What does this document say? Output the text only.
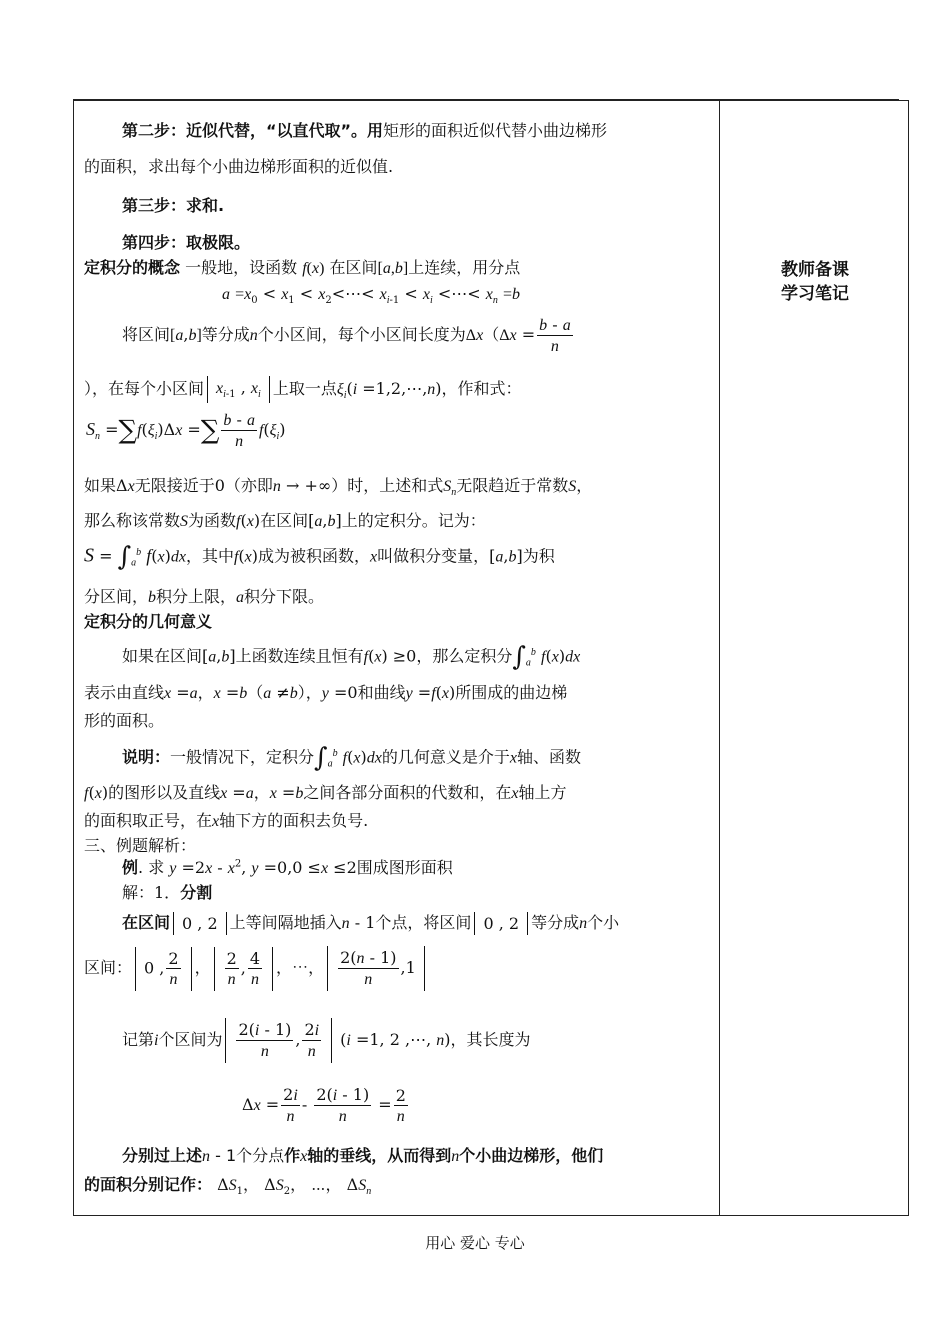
教师备课
学习笔记
第二步：近似代替，“以直代取”。用矩形的面积近似代替小曲边梯形
的面积，求出每个小曲边梯形面积的近似值.
第三步：求和.
第四步：取极限。
定积分的概念 一般地，设函数 f(x) 在区间[a,b]上连续，用分点
$a =x_0 < x_1$ < $x_2<\cdots< x_{i-1} < x_i$ <⋯< $x_n =b$
将区间[a,b]等分成n个小区间，每个小区间长度为$\Delta x(\Delta x = \frac{b - a}{n}$
），在每个小区间 $x_{i-1}$ , $x_i$ 上取一点$\xi_i(i$ =1,2,⋯,n)，作和式：
$S_n =\sum f(\xi_i)\Delta x$ =∑ $\frac{b - a}{n} f(\xi_i)$
如果Δx无限接近于0（亦即n → +∞）时，上述和式$S_n$无限趋近于常数S，
那么称该常数S为函数f(x)在区间[a,b]上的定积分。记为：
$S = \int_a^b$ f(x)dx，其中f(x)成为被积函数，x叫做积分变量，[a,b]为积
分区间，b积分上限，a积分下限。
定积分的几何意义
如果在区间[a,b]上函数连续且恒有f(x) ≥0，那么定积分$\int_a^b$ f(x)dx
表示由直线x =a，x =b（a ≠b），y =0和曲线y =f(x)所围成的曲边梯
形的面积。
说明：一般情况下，定积分$\int_a^b$ f(x)dx的几何意义是介于x轴、函数
f(x)的图形以及直线x =a，x =b之间各部分面积的代数和，在x轴上方
的面积取正号，在x轴下方的面积去负号.
三、例题解析：
例. 求 $y =2x - x^2$, y =0,0 ≤x ≤2围成图形面积
解：1．分割
在区间 0 , 2 上等间隔地插入n - 1个点，将区间 0 , 2 等分成n个小
区间： 0 , $\frac{2}{n}$ ， $\frac{2}{n}$ , $\frac{4}{n}$ ，⋯， $\frac{2(n - 1)}{n} ,1$
记第i个区间为 $\frac{2(i - 1)}{n}$ , $\frac{2i}{n} (i =1$, 2 ,⋯, n)，其长度为
$\Delta x = \frac{2i}{n} - \frac{2(i - 1)}{n} = \frac{2}{n}$
分别过上述n - 1个分点作x轴的垂线，从而得到n个小曲边梯形，他们
的面积分别记作： $\Delta S_1$， $\Delta S_2$， ⋯， $\Delta S_n$
用心 爱心 专心
